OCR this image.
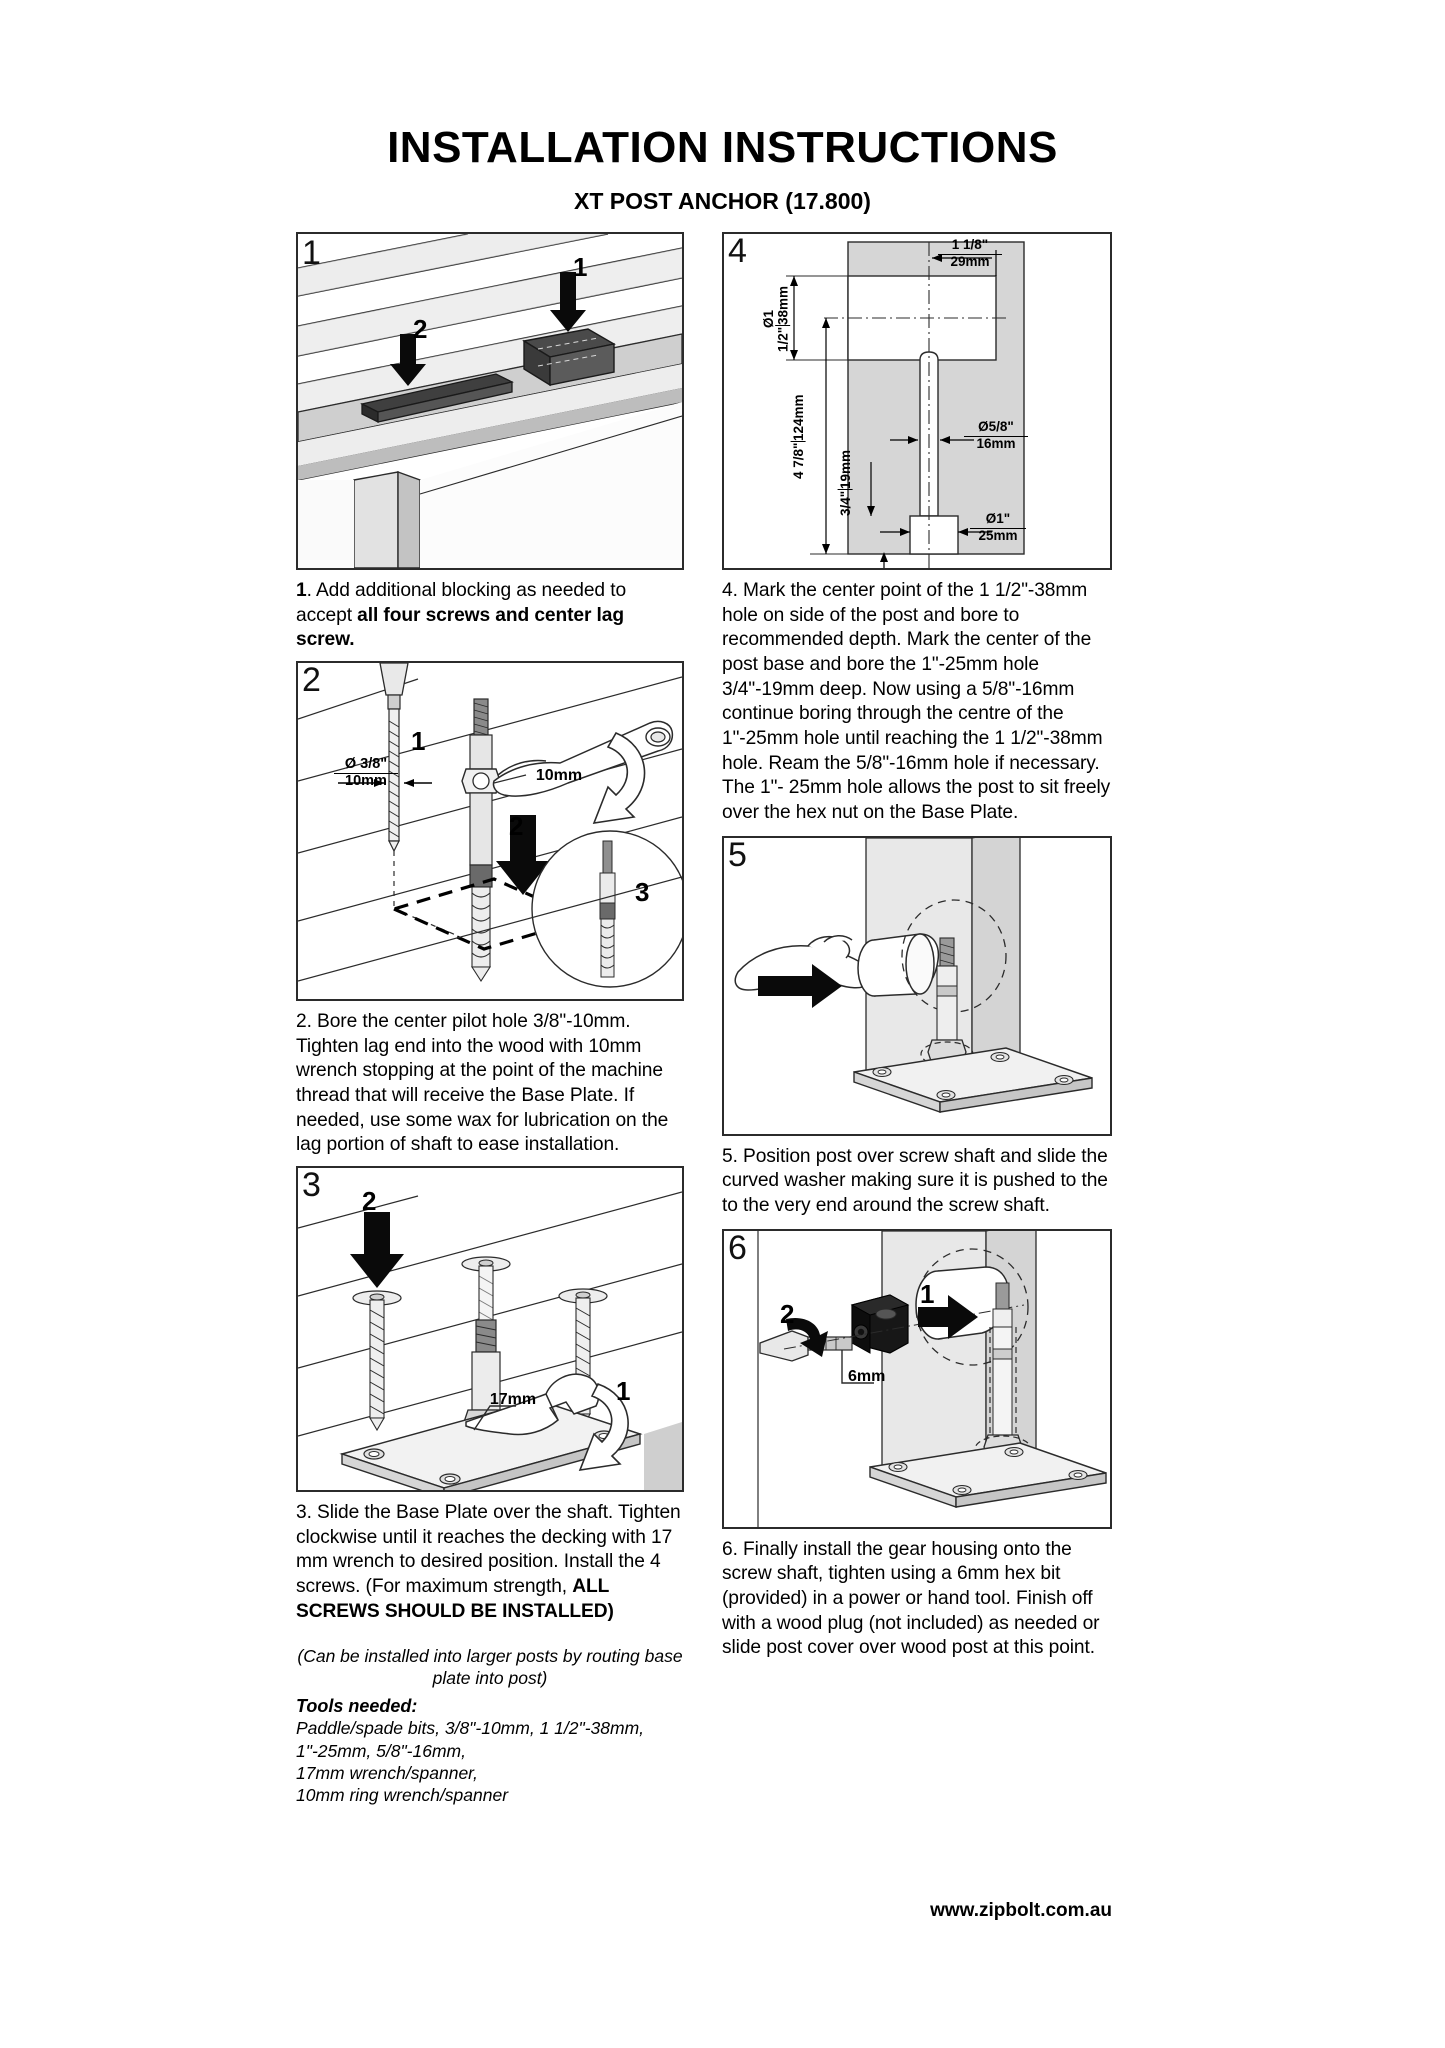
INSTALLATION INSTRUCTIONS
XT POST ANCHOR (17.800)
1	1
2

1. Add additional blocking as needed to accept all four screws and center lag screw.

2
1
2
3
Ø 3/8"
10mm	10mm

2. Bore the center pilot hole 3/8"-10mm. Tighten lag end into the wood with 10mm wrench stopping at the point of the machine thread that will receive the Base Plate. If needed, use some wax for lubrication on the lag portion of shaft to ease installation.

3 2
1
17mm

3. Slide the Base Plate over the shaft. Tighten clockwise until it reaches the decking with 17 mm wrench to desired position. Install the 4 screws. (For maximum strength, ALL SCREWS SHOULD BE INSTALLED)

(Can be installed into larger posts by routing base plate into post)

Tools needed:

Paddle/spade bits, 3/8"-10mm, 1 1/2"-38mm,

1"-25mm, 5/8"-16mm,

17mm wrench/spanner,

10mm ring wrench/spanner

4
Ø1 1/2"38mm
4 7/8"124mm
3/4"19mm
1 1/8"
29mm
Ø5/8"
16mm
Ø1"
25mm

4. Mark the center point of the 1 1/2"-38mm hole on side of the post and bore to recommended depth. Mark the center of the post base and bore the 1"-25mm hole 3/4"-19mm deep. Now using a 5/8"-16mm continue boring through the centre of the 1"-25mm hole until reaching the 1 1/2"-38mm hole. Ream the 5/8"-16mm hole if necessary. The 1"- 25mm hole allows the post to sit freely over the hex nut on the Base Plate.

5

5. Position post over screw shaft and slide the curved washer making sure it is pushed to the to the very end around the screw shaft.

6
1
2
6mm

6. Finally install the gear housing onto the screw shaft, tighten using a 6mm hex bit (provided) in a power or hand tool. Finish off with a wood plug (not included) as needed or slide post cover over wood post at this point.

www.zipbolt.com.au
